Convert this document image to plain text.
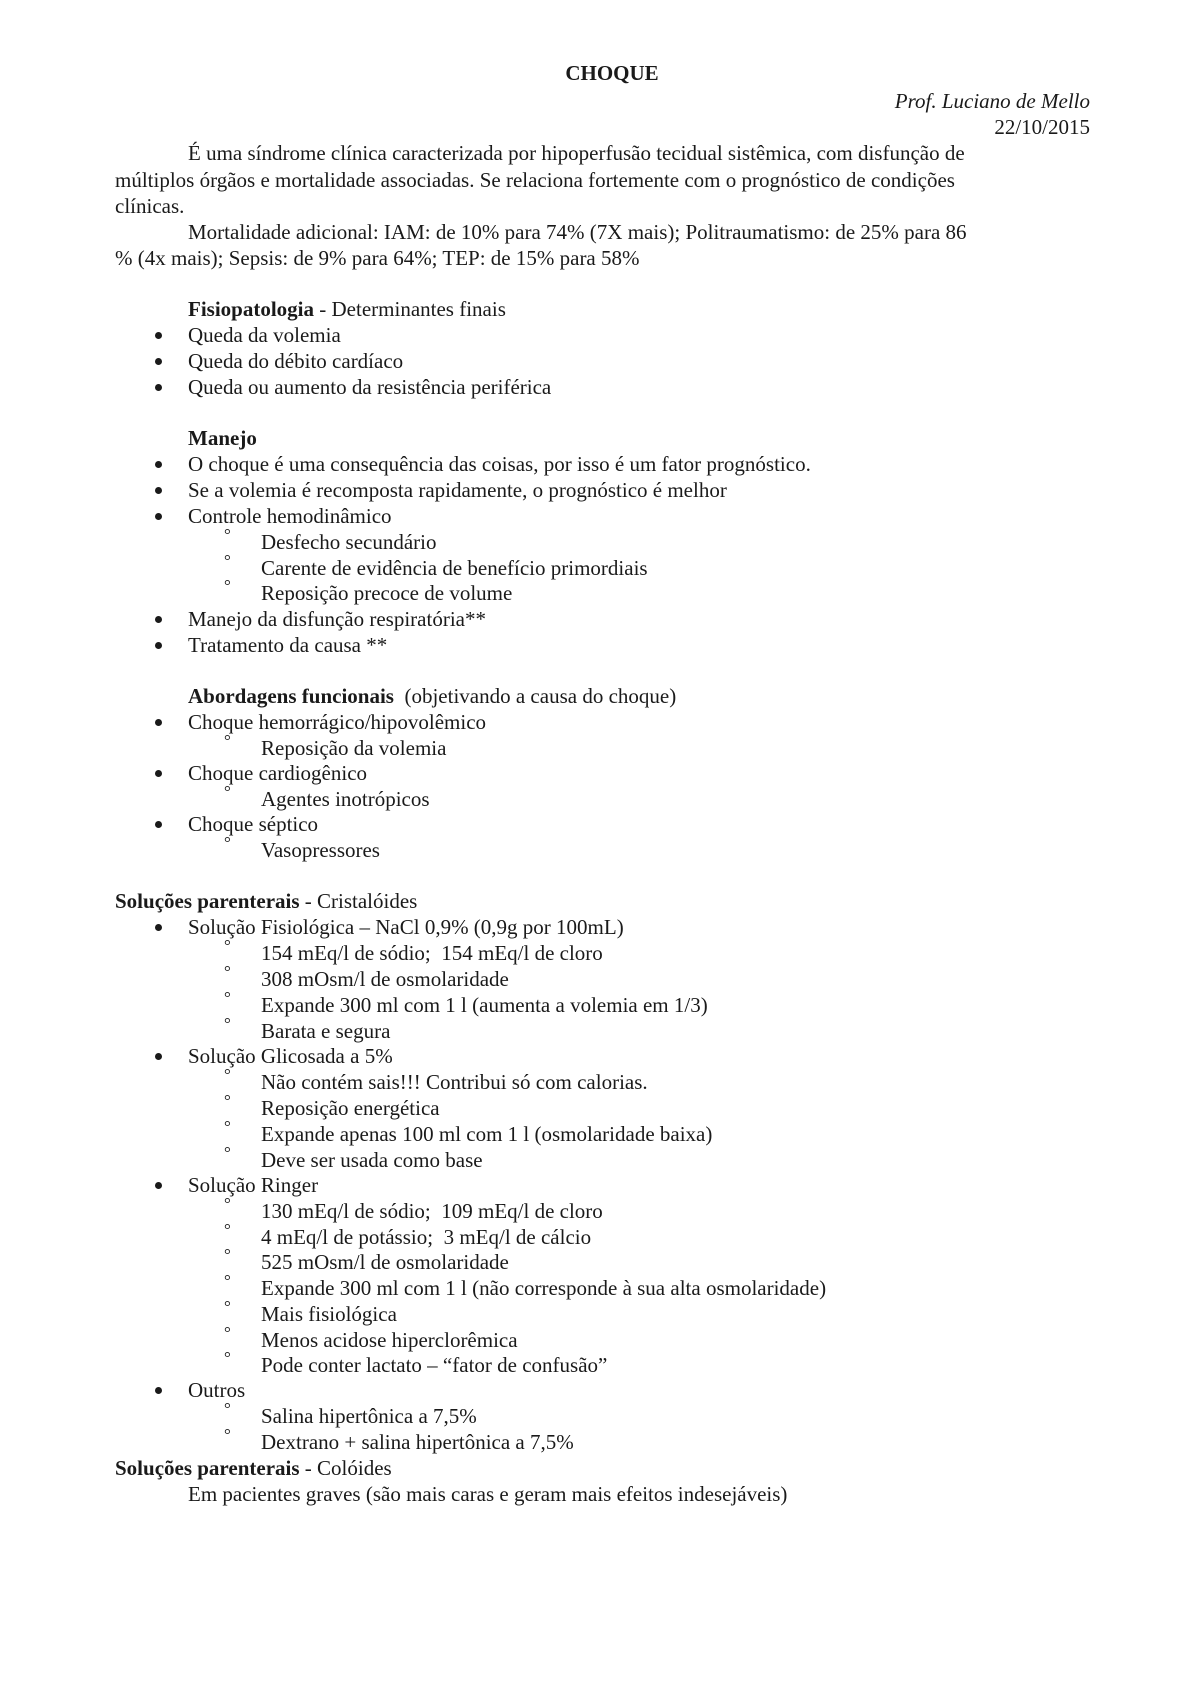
CHOQUE
Prof. Luciano de Mello
22/10/2015
É uma síndrome clínica caracterizada por hipoperfusão tecidual sistêmica, com disfunção de
múltiplos órgãos e mortalidade associadas. Se relaciona fortemente com o prognóstico de condições
clínicas.
Mortalidade adicional: IAM: de 10% para 74% (7X mais); Politraumatismo: de 25% para 86
% (4x mais); Sepsis: de 9% para 64%; TEP: de 15% para 58%
Fisiopatologia - Determinantes finais
Queda da volemia
Queda do débito cardíaco
Queda ou aumento da resistência periférica
Manejo
O choque é uma consequência das coisas, por isso é um fator prognóstico.
Se a volemia é recomposta rapidamente, o prognóstico é melhor
Controle hemodinâmico
° Desfecho secundário
° Carente de evidência de benefício primordiais
° Reposição precoce de volume
Manejo da disfunção respiratória**
Tratamento da causa **
Abordagens funcionais  (objetivando a causa do choque)
Choque hemorrágico/hipovolêmico
° Reposição da volemia
Choque cardiogênico
° Agentes inotrópicos
Choque séptico
° Vasopressores
Soluções parenterais - Cristalóides
Solução Fisiológica – NaCl 0,9% (0,9g por 100mL)
° 154 mEq/l de sódio;  154 mEq/l de cloro
° 308 mOsm/l de osmolaridade
° Expande 300 ml com 1 l (aumenta a volemia em 1/3)
° Barata e segura
Solução Glicosada a 5%
° Não contém sais!!! Contribui só com calorias.
° Reposição energética
° Expande apenas 100 ml com 1 l (osmolaridade baixa)
° Deve ser usada como base
Solução Ringer
° 130 mEq/l de sódio;  109 mEq/l de cloro
° 4 mEq/l de potássio;  3 mEq/l de cálcio
° 525 mOsm/l de osmolaridade
° Expande 300 ml com 1 l (não corresponde à sua alta osmolaridade)
° Mais fisiológica
° Menos acidose hiperclorêmica
° Pode conter lactato – “fator de confusão”
Outros
° Salina hipertônica a 7,5%
° Dextrano + salina hipertônica a 7,5%
Soluções parenterais - Colóides
Em pacientes graves (são mais caras e geram mais efeitos indesejáveis)
